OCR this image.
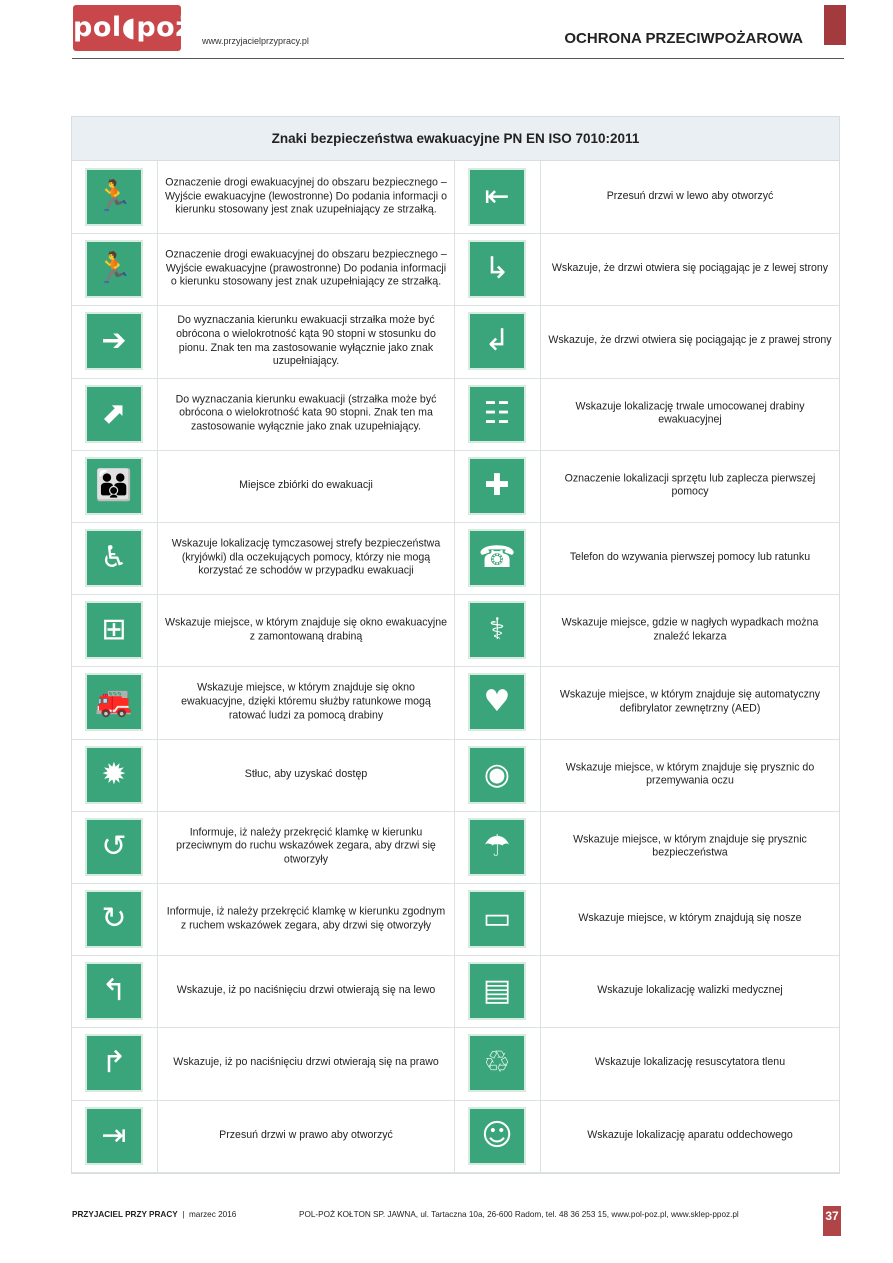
pol◖poż www.przyjacielprzypracy.pl	OCHRONA PRZECIWPOŻAROWA
Znaki bezpieczeństwa ewakuacyjne PN EN ISO 7010:2011
🏃	Oznaczenie drogi ewakuacyjnej do obszaru bezpiecznego – Wyjście ewakuacyjne (lewostronne) Do podania informacji o kierunku stosowany jest znak uzupełniający ze strzałką.	⇤	Przesuń drzwi w lewo aby otworzyć
🏃	Oznaczenie drogi ewakuacyjnej do obszaru bezpiecznego – Wyjście ewakuacyjne (prawostronne) Do podania informacji o kierunku stosowany jest znak uzupełniający ze strzałką.	↳	Wskazuje, że drzwi otwiera się pociągając je z lewej strony
➔
Do wyznaczania kierunku ewakuacji strzałka może być obrócona o wielokrotność kąta 90 stopni w stosunku do pionu. Znak ten ma zastosowanie wyłącznie jako znak uzupełniający.
↲	Wskazuje, że drzwi otwiera się pociągając je z prawej strony
⬈	Do wyznaczania kierunku ewakuacji (strzałka może być obrócona o wielokrotność kata 90 stopni. Znak ten ma zastosowanie wyłącznie jako znak uzupełniający.	☷	Wskazuje lokalizację trwale umocowanej drabiny ewakuacyjnej
👪	Miejsce zbiórki do ewakuacji	✚	Oznaczenie lokalizacji sprzętu lub zaplecza pierwszej pomocy
♿	Wskazuje lokalizację tymczasowej strefy bezpieczeństwa (kryjówki) dla oczekujących pomocy, którzy nie mogą korzystać ze schodów w przypadku ewakuacji	☎	Telefon do wzywania pierwszej pomocy lub ratunku
⊞	Wskazuje miejsce, w którym znajduje się okno ewakuacyjne z zamontowaną drabiną	⚕	Wskazuje miejsce, gdzie w nagłych wypadkach można znaleźć lekarza
🚒	Wskazuje miejsce, w którym znajduje się okno ewakuacyjne, dzięki któremu służby ratunkowe mogą ratować ludzi za pomocą drabiny	♥	Wskazuje miejsce, w którym znajduje się automatyczny defibrylator zewnętrzny (AED)
✹	Stłuc, aby uzyskać dostęp	◉	Wskazuje miejsce, w którym znajduje się prysznic do przemywania oczu
↺	Informuje, iż należy przekręcić klamkę w kierunku przeciwnym do ruchu wskazówek zegara, aby drzwi się otworzyły	☂	Wskazuje miejsce, w którym znajduje się prysznic bezpieczeństwa
↻	Informuje, iż należy przekręcić klamkę w kierunku zgodnym z ruchem wskazówek zegara, aby drzwi się otworzyły	▭	Wskazuje miejsce, w którym znajdują się nosze
↰	Wskazuje, iż po naciśnięciu drzwi otwierają się na lewo	▤	Wskazuje lokalizację walizki medycznej
↱	Wskazuje, iż po naciśnięciu drzwi otwierają się na prawo	♲	Wskazuje lokalizację resuscytatora tlenu
⇥	Przesuń drzwi w prawo aby otworzyć	☺	Wskazuje lokalizację aparatu oddechowego
PRZYJACIEL PRZY PRACY | marzec 2016	POL-POŻ KOŁTON SP. JAWNA, ul. Tartaczna 10a, 26-600 Radom, tel. 48 36 253 15, www.pol-poz.pl, www.sklep-ppoz.pl	37
